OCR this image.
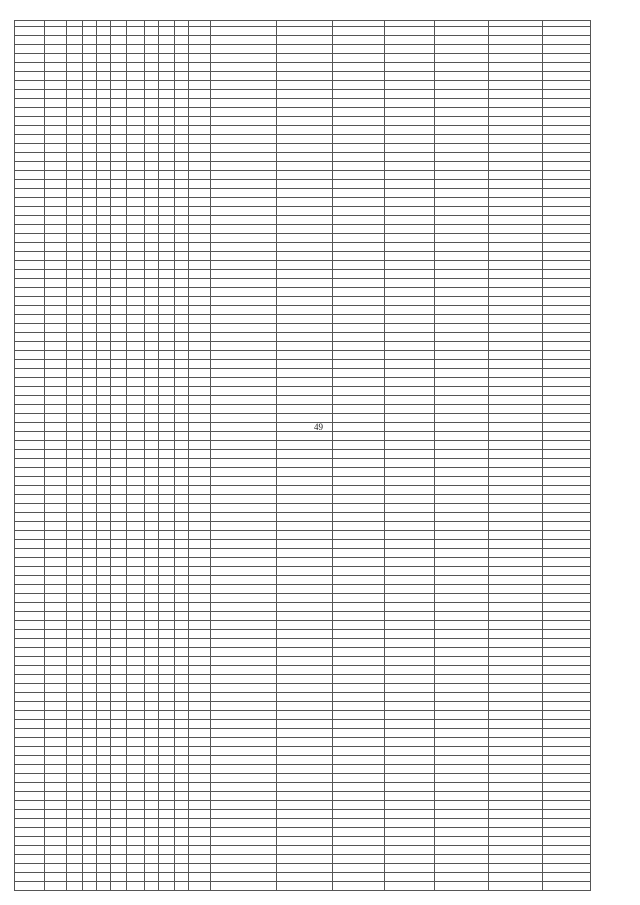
49
